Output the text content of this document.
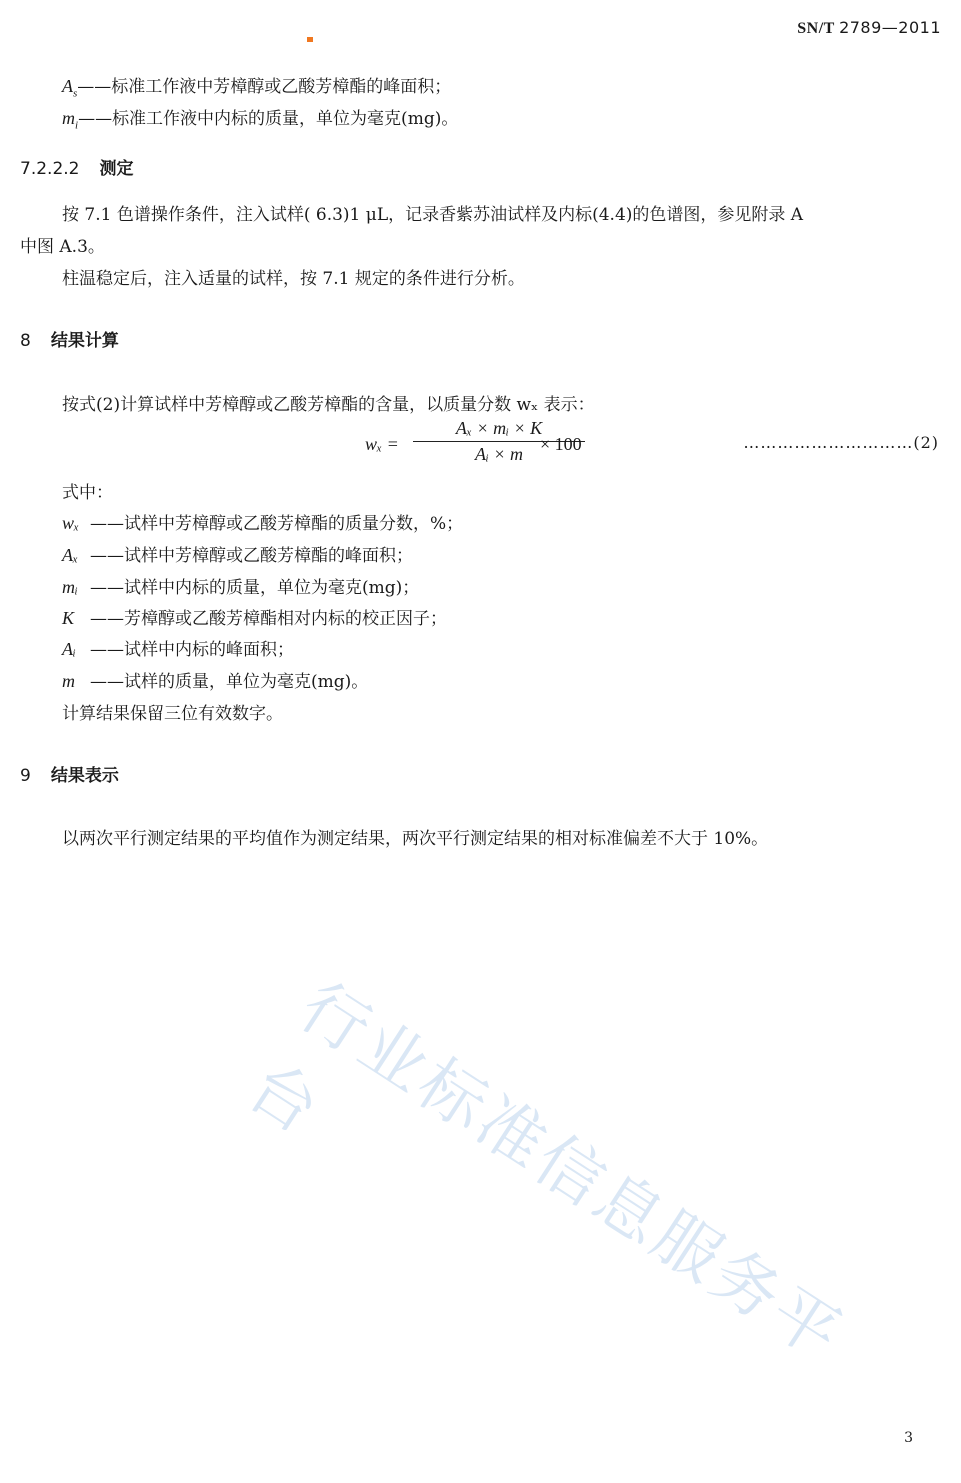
SN/T 2789—2011
$A_s——$标准工作液中芳樟醇或乙酸芳樟酯的峰面积；
$m_i——$标准工作液中内标的质量，单位为毫克(mg)。
7.2.2.2 测定
按 7.1 色谱操作条件，注入试样( 6.3)1 μL，记录香紫苏油试样及内标(4.4)的色谱图，参见附录 A
中图 A.3。
柱温稳定后，注入适量的试样，按 7.1 规定的条件进行分析。
8 结果计算
按式(2)计算试样中芳樟醇或乙酸芳樟酯的含量，以质量分数 wₓ 表示：
$w_x = \frac{\text{Aₓ × mᵢ × K}}{\text{Aᵢ × m}}$
× 100	…………………………(2)
式中：
wₓ ——试样中芳樟醇或乙酸芳樟酯的质量分数，%；
Aₓ ——试样中芳樟醇或乙酸芳樟酯的峰面积；
mᵢ ——试样中内标的质量，单位为毫克(mg)；
K ——芳樟醇或乙酸芳樟酯相对内标的校正因子；
Aᵢ ——试样中内标的峰面积；
m ——试样的质量，单位为毫克(mg)。
计算结果保留三位有效数字。
9 结果表示
以两次平行测定结果的平均值作为测定结果，两次平行测定结果的相对标准偏差不大于 10%。
行业标准信息服务平台
3
